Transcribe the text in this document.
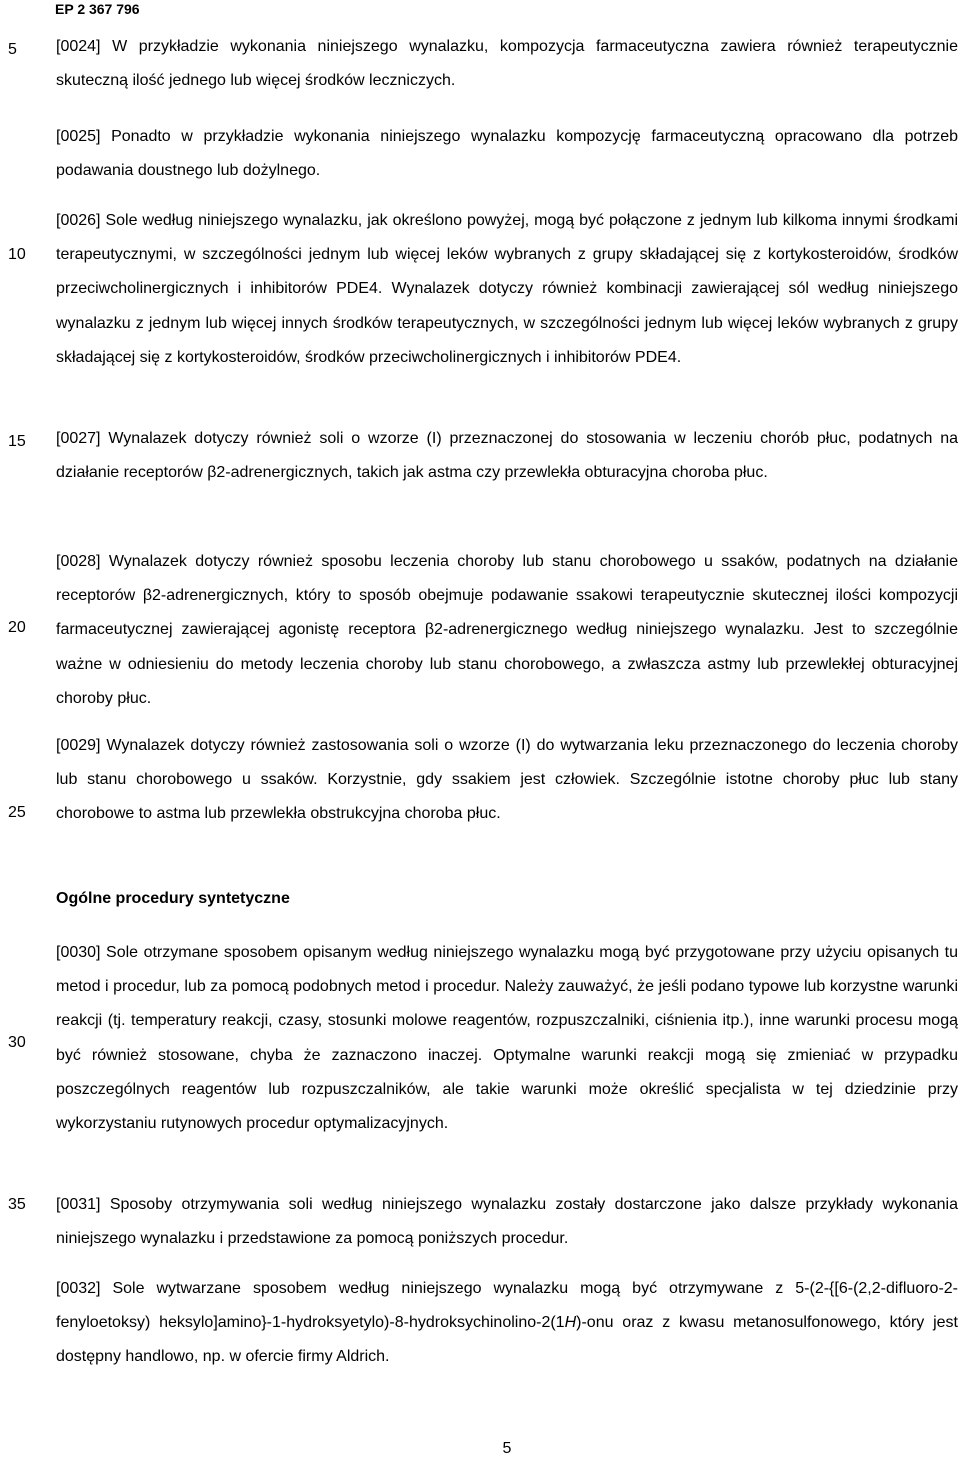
EP 2 367 796
5
10
15
20
25
30
35

[0024] W przykładzie wykonania niniejszego wynalazku, kompozycja farmaceutyczna zawiera również terapeutycznie skuteczną ilość jednego lub więcej środków leczniczych.

[0025] Ponadto w przykładzie wykonania niniejszego wynalazku kompozycję farmaceutyczną opracowano dla potrzeb podawania doustnego lub dożylnego.

[0026] Sole według niniejszego wynalazku, jak określono powyżej, mogą być połączone z jednym lub kilkoma innymi środkami terapeutycznymi, w szczególności jednym lub więcej leków wybranych z grupy składającej się z kortykosteroidów, środków przeciwcholinergicznych i inhibitorów PDE4. Wynalazek dotyczy również kombinacji zawierającej sól według niniejszego wynalazku z jednym lub więcej innych środków terapeutycznych, w szczególności jednym lub więcej leków wybranych z grupy składającej się z kortykosteroidów, środków przeciwcholinergicznych i inhibitorów PDE4.

[0027] Wynalazek dotyczy również soli o wzorze (I) przeznaczonej do stosowania w leczeniu chorób płuc, podatnych na działanie receptorów β2-adrenergicznych, takich jak astma czy przewlekła obturacyjna choroba płuc.

[0028] Wynalazek dotyczy również sposobu leczenia choroby lub stanu chorobowego u ssaków, podatnych na działanie receptorów β2-adrenergicznych, który to sposób obejmuje podawanie ssakowi terapeutycznie skutecznej ilości kompozycji farmaceutycznej zawierającej agonistę receptora β2-adrenergicznego według niniejszego wynalazku. Jest to szczególnie ważne w odniesieniu do metody leczenia choroby lub stanu chorobowego, a zwłaszcza astmy lub przewlekłej obturacyjnej choroby płuc.

[0029] Wynalazek dotyczy również zastosowania soli o wzorze (I) do wytwarzania leku przeznaczonego do leczenia choroby lub stanu chorobowego u ssaków. Korzystnie, gdy ssakiem jest człowiek. Szczególnie istotne choroby płuc lub stany chorobowe to astma lub przewlekła obstrukcyjna choroba płuc.

Ogólne procedury syntetyczne

[0030] Sole otrzymane sposobem opisanym według niniejszego wynalazku mogą być przygotowane przy użyciu opisanych tu metod i procedur, lub za pomocą podobnych metod i procedur. Należy zauważyć, że jeśli podano typowe lub korzystne warunki reakcji (tj. temperatury reakcji, czasy, stosunki molowe reagentów, rozpuszczalniki, ciśnienia itp.), inne warunki procesu mogą być również stosowane, chyba że zaznaczono inaczej. Optymalne warunki reakcji mogą się zmieniać w przypadku poszczególnych reagentów lub rozpuszczalników, ale takie warunki może określić specjalista w tej dziedzinie przy wykorzystaniu rutynowych procedur optymalizacyjnych.

[0031] Sposoby otrzymywania soli według niniejszego wynalazku zostały dostarczone jako dalsze przykłady wykonania niniejszego wynalazku i przedstawione za pomocą poniższych procedur.

[0032] Sole wytwarzane sposobem według niniejszego wynalazku mogą być otrzymywane z 5-(2-{[6-(2,2-difluoro-2-fenyloetoksy) heksylo]amino}-1-hydroksyetylo)-8-hydroksychinolino-2(1H)-onu oraz z kwasu metanosulfonowego, który jest dostępny handlowo, np. w ofercie firmy Aldrich.

5
